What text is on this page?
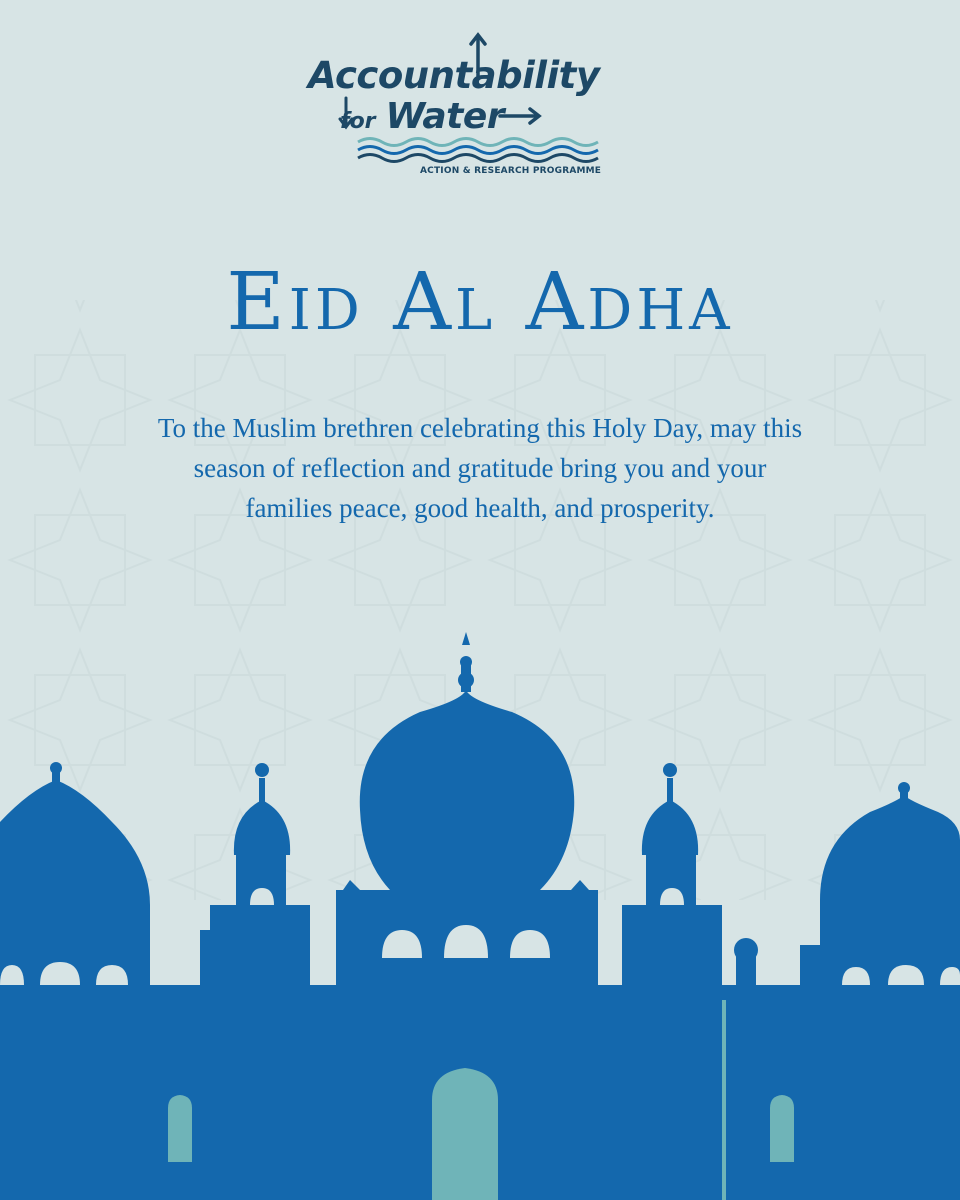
Accountability
for Water
ACTION & RESEARCH PROGRAMME
Eid Al Adha
To the Muslim brethren celebrating this Holy Day, may this season of reflection and gratitude bring you and your families peace, good health, and prosperity.
